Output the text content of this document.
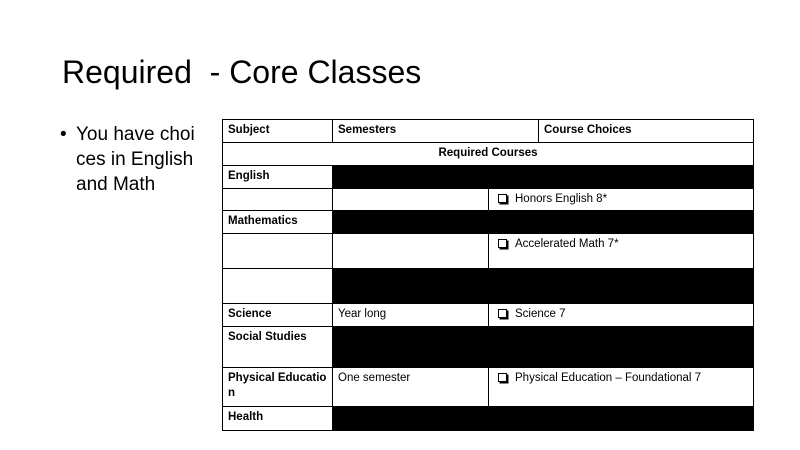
Required  - Core Classes
• You have choi
ces in English
and Math
Subject	Semesters		Course Choices
Required Courses			
English			
		Honors English 8*	
Mathematics			
		Accelerated Math 7*	

Science	Year long	Science 7	
Social Studies			
Physical Educatio n	One semester	Physical Education – Foundational 7	
Health			
